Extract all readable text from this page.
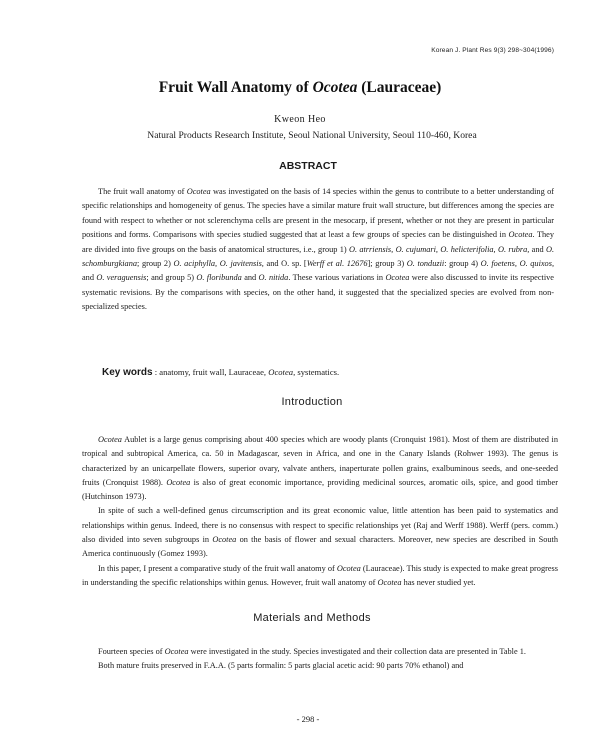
Korean J. Plant Res 9(3) 298~304(1996)
Fruit Wall Anatomy of Ocotea (Lauraceae)
Kweon Heo
Natural Products Research Institute, Seoul National University, Seoul 110-460, Korea
ABSTRACT

The fruit wall anatomy of Ocotea was investigated on the basis of 14 species within the genus to contribute to a better understanding of specific relationships and homogeneity of genus. The species have a similar mature fruit wall structure, but differences among the species are found with respect to whether or not sclerenchyma cells are present in the mesocarp, if present, whether or not they are present in particular positions and forms. Comparisons with species studied suggested that at least a few groups of species can be distinguished in Ocotea. They are divided into five groups on the basis of anatomical structures, i.e., group 1) O. atrriensis, O. cujumari, O. helicterifolia, O. rubra, and O. schomburgkiana; group 2) O. aciphylla, O. javitensis, and O. sp. [Werff et al. 12676]; group 3) O. tonduzii: group 4) O. foetens, O. quixos, and O. veraguensis; and group 5) O. floribunda and O. nitida. These various variations in Ocotea were also discussed to invite its respective systematic revisions. By the comparisons with species, on the other hand, it suggested that the specialized species are evolved from non-specialized species.

Key words : anatomy, fruit wall, Lauraceae, Ocotea, systematics.
Introduction

Ocotea Aublet is a large genus comprising about 400 species which are woody plants (Cronquist 1981). Most of them are distributed in tropical and subtropical America, ca. 50 in Madagascar, seven in Africa, and one in the Canary Islands (Rohwer 1993). The genus is characterized by an unicarpellate flowers, superior ovary, valvate anthers, inaperturate pollen grains, exalbuminous seeds, and one-seeded fruits (Cronquist 1988). Ocotea is also of great economic importance, providing medicinal sources, aromatic oils, spice, and good timber (Hutchinson 1973).

In spite of such a well-defined genus circumscription and its great economic value, little attention has been paid to systematics and relationships within genus. Indeed, there is no consensus with respect to specific relationships yet (Raj and Werff 1988). Werff (pers. comm.) also divided into seven subgroups in Ocotea on the basis of flower and sexual characters. Moreover, new species are described in South America continuously (Gomez 1993).

In this paper, I present a comparative study of the fruit wall anatomy of Ocotea (Lauraceae). This study is expected to make great progress in understanding the specific relationships within genus. However, fruit wall anatomy of Ocotea has never studied yet.

Materials and Methods

Fourteen species of Ocotea were investigated in the study. Species investigated and their collection data are presented in Table 1.

Both mature fruits preserved in F.A.A. (5 parts formalin: 5 parts glacial acetic acid: 90 parts 70% ethanol) and

- 298 -
